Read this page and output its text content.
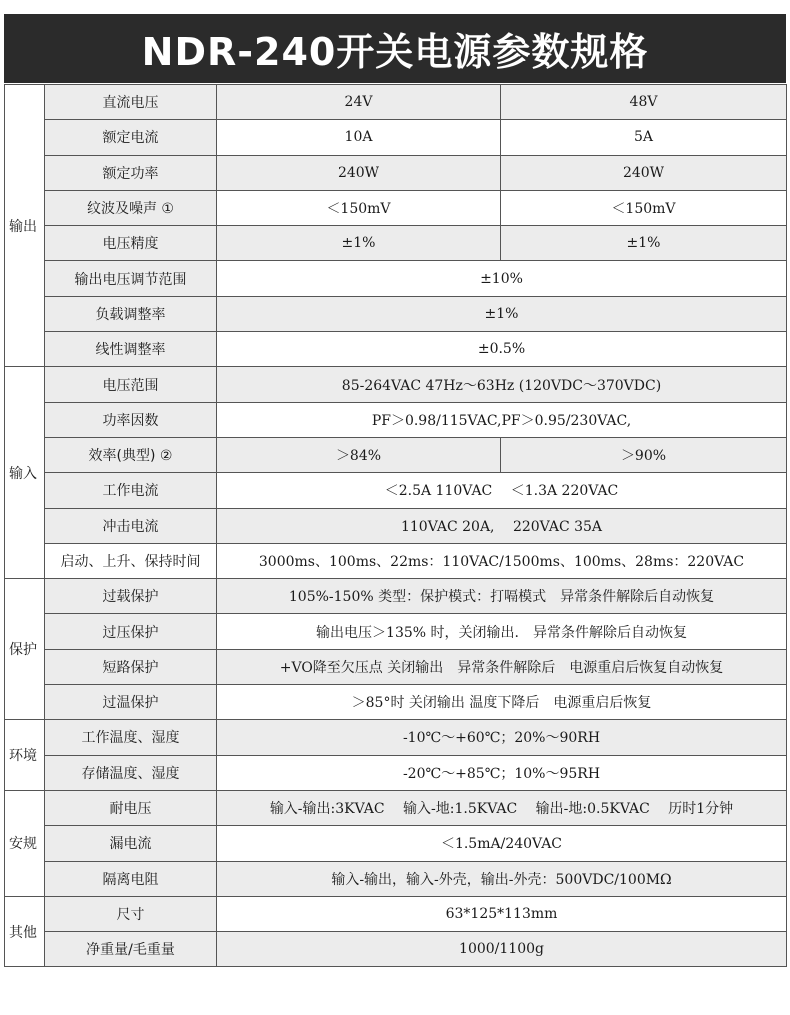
NDR-240开关电源参数规格
输出	直流电压	24V	48V
	额定电流	10A	5A
	额定功率	240W	240W
	纹波及噪声 ①	＜150mV	＜150mV
	电压精度	±1%	±1%
	输出电压调节范围	±10%	
	负载调整率	±1%	
	线性调整率	±0.5%	
输入	电压范围	85-264VAC 47Hz～63Hz (120VDC～370VDC)	
	功率因数	PF＞0.98/115VAC,PF＞0.95/230VAC,	
	效率(典型) ②	＞84%	＞90%
	工作电流	＜2.5A 110VAC　 ＜1.3A 220VAC	
	冲击电流	110VAC 20A,　 220VAC 35A	
	启动、上升、保持时间	3000ms、100ms、22ms：110VAC/1500ms、100ms、28ms：220VAC	
保护	过载保护	105%-150% 类型：保护模式：打嗝模式　异常条件解除后自动恢复	
	过压保护	输出电压＞135% 时，关闭输出.　异常条件解除后自动恢复	
	短路保护	+VO降至欠压点 关闭输出　异常条件解除后　电源重启后恢复自动恢复	
	过温保护	＞85°时 关闭输出 温度下降后　电源重启后恢复	
环境	工作温度、湿度	-10℃～+60℃；20%～90RH	
	存储温度、湿度	-20℃～+85℃；10%～95RH	
安规	耐电压	输入-输出:3KVAC　 输入-地:1.5KVAC　 输出-地:0.5KVAC　 历时1分钟	
	漏电流	＜1.5mA/240VAC	
	隔离电阻	输入-输出，输入-外壳，输出-外壳：500VDC/100MΩ	
其他	尺寸	63*125*113mm	
	净重量/毛重量	1000/1100g	
